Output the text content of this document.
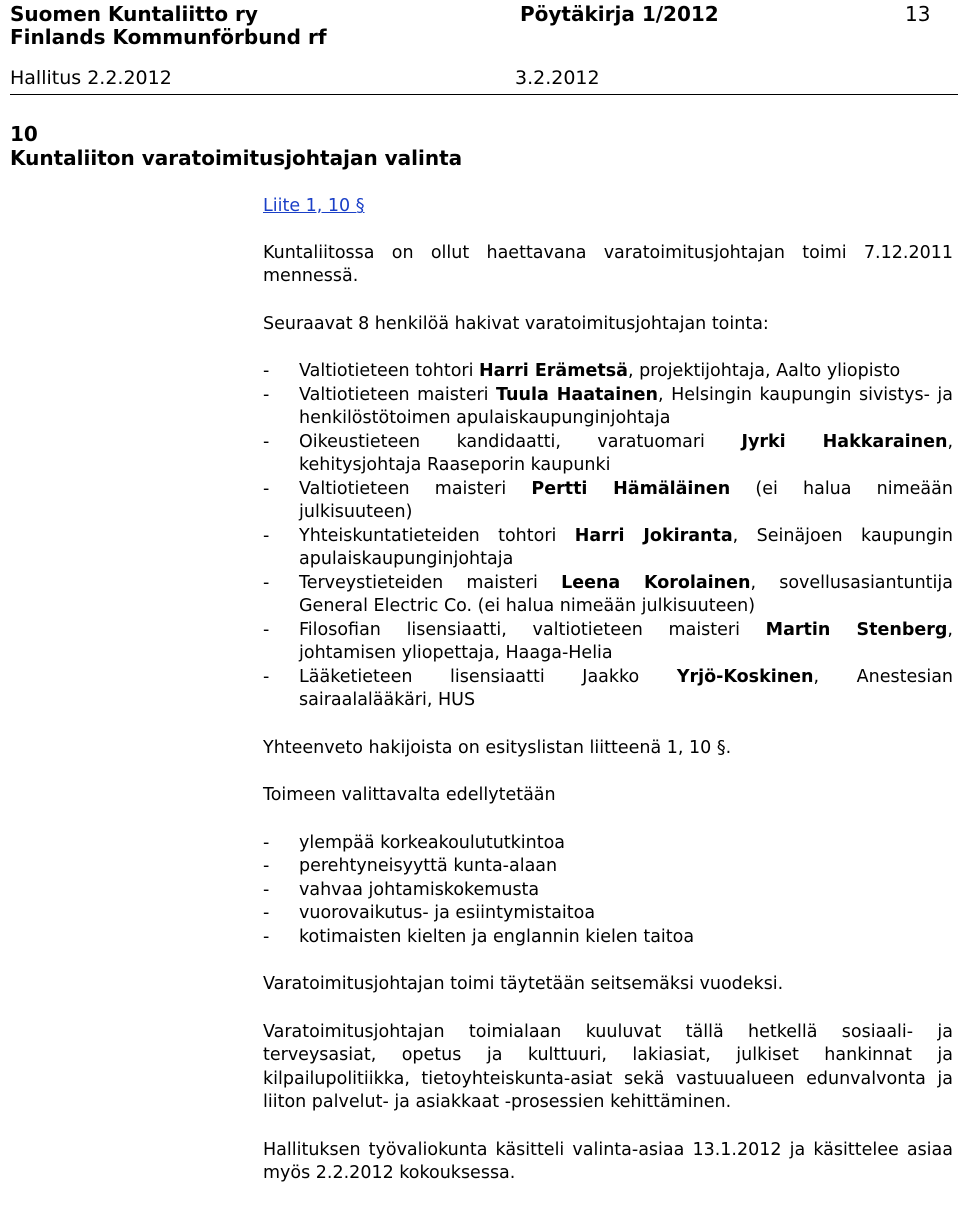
Suomen Kuntaliitto ry
Finlands Kommunförbund rf
Pöytäkirja 1/2012	13
Hallitus 2.2.2012	3.2.2012
10
Kuntaliiton varatoimitusjohtajan valinta

Liite 1, 10 §

Kuntaliitossa on ollut haettavana varatoimitusjohtajan toimi 7.12.2011 mennessä.

Seuraavat 8 henkilöä hakivat varatoimitusjohtajan tointa:

- Valtiotieteen tohtori Harri Erämetsä, projektijohtaja, Aalto yliopisto
- Valtiotieteen maisteri Tuula Haatainen, Helsingin kaupungin sivistys- ja henkilöstötoimen apulaiskaupunginjohtaja
- Oikeustieteen kandidaatti, varatuomari Jyrki Hakkarainen, kehitysjohtaja Raaseporin kaupunki
- Valtiotieteen maisteri Pertti Hämäläinen (ei halua nimeään julkisuuteen)
- Yhteiskuntatieteiden tohtori Harri Jokiranta, Seinäjoen kaupungin apulaiskaupunginjohtaja
- Terveystieteiden maisteri Leena Korolainen, sovellusasiantuntija General Electric Co. (ei halua nimeään julkisuuteen)
- Filosofian lisensiaatti, valtiotieteen maisteri Martin Stenberg, johtamisen yliopettaja, Haaga-Helia
- Lääketieteen lisensiaatti Jaakko Yrjö-Koskinen, Anestesian sairaalalääkäri, HUS

Yhteenveto hakijoista on esityslistan liitteenä 1, 10 §.

Toimeen valittavalta edellytetään

- ylempää korkeakoulututkintoa
- perehtyneisyyttä kunta-alaan
- vahvaa johtamiskokemusta
- vuorovaikutus- ja esiintymistaitoa
- kotimaisten kielten ja englannin kielen taitoa

Varatoimitusjohtajan toimi täytetään seitsemäksi vuodeksi.

Varatoimitusjohtajan toimialaan kuuluvat tällä hetkellä sosiaali- ja terveysasiat, opetus ja kulttuuri, lakiasiat, julkiset hankinnat ja kilpailupolitiikka, tietoyhteiskunta-asiat sekä vastuualueen edunvalvonta ja liiton palvelut- ja asiakkaat -prosessien kehittäminen.

Hallituksen työvaliokunta käsitteli valinta-asiaa 13.1.2012 ja käsittelee asiaa myös 2.2.2012 kokouksessa.
